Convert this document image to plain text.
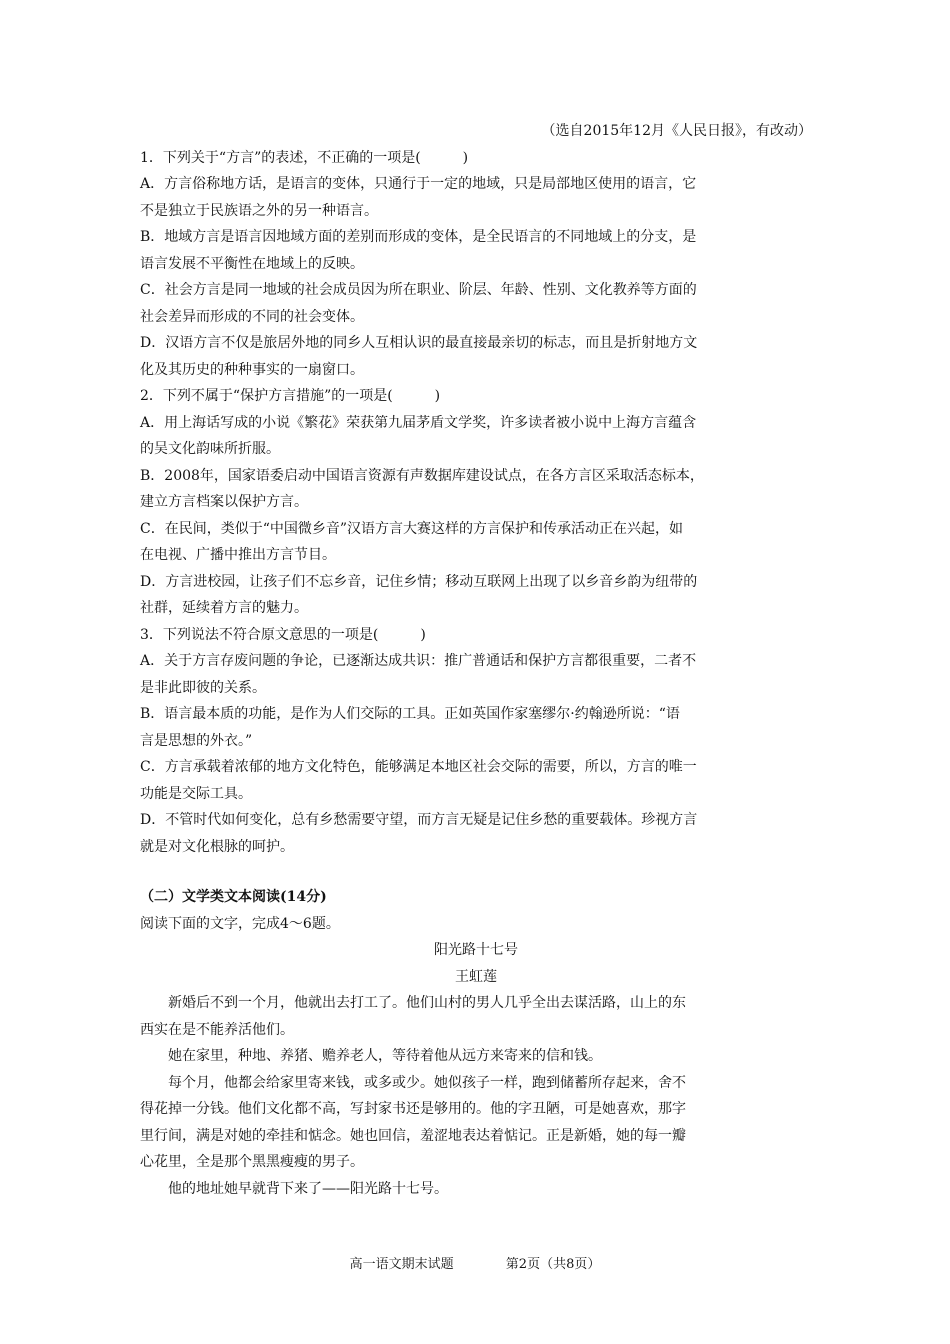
（选自2015年12月《人民日报》，有改动）

1．下列关于“方言”的表述，不正确的一项是(　　　)

A．方言俗称地方话，是语言的变体，只通行于一定的地域，只是局部地区使用的语言，它

不是独立于民族语之外的另一种语言。

B．地域方言是语言因地域方面的差别而形成的变体，是全民语言的不同地域上的分支，是

语言发展不平衡性在地域上的反映。

C．社会方言是同一地域的社会成员因为所在职业、阶层、年龄、性别、文化教养等方面的

社会差异而形成的不同的社会变体。

D．汉语方言不仅是旅居外地的同乡人互相认识的最直接最亲切的标志，而且是折射地方文

化及其历史的种种事实的一扇窗口。

2．下列不属于“保护方言措施”的一项是(　　　)

A．用上海话写成的小说《繁花》荣获第九届茅盾文学奖，许多读者被小说中上海方言蕴含

的吴文化韵味所折服。

B．2008年，国家语委启动中国语言资源有声数据库建设试点，在各方言区采取活态标本，

建立方言档案以保护方言。

C．在民间，类似于“中国微乡音”汉语方言大赛这样的方言保护和传承活动正在兴起，如

在电视、广播中推出方言节目。

D．方言进校园，让孩子们不忘乡音，记住乡情；移动互联网上出现了以乡音乡韵为纽带的

社群，延续着方言的魅力。

3．下列说法不符合原文意思的一项是(　　　)

A．关于方言存废问题的争论，已逐渐达成共识：推广普通话和保护方言都很重要，二者不

是非此即彼的关系。

B．语言最本质的功能，是作为人们交际的工具。正如英国作家塞缪尔·约翰逊所说：“语

言是思想的外衣。”

C．方言承载着浓郁的地方文化特色，能够满足本地区社会交际的需要，所以，方言的唯一

功能是交际工具。

D．不管时代如何变化，总有乡愁需要守望，而方言无疑是记住乡愁的重要载体。珍视方言

就是对文化根脉的呵护。

（二）文学类文本阅读(14分)

阅读下面的文字，完成4～6题。

阳光路十七号

王虹莲

新婚后不到一个月，他就出去打工了。他们山村的男人几乎全出去谋活路，山上的东

西实在是不能养活他们。

她在家里，种地、养猪、赡养老人，等待着他从远方来寄来的信和钱。

每个月，他都会给家里寄来钱，或多或少。她似孩子一样，跑到储蓄所存起来，舍不

得花掉一分钱。他们文化都不高，写封家书还是够用的。他的字丑陋，可是她喜欢，那字

里行间，满是对她的牵挂和惦念。她也回信，羞涩地表达着惦记。正是新婚，她的每一瓣

心花里，全是那个黑黑瘦瘦的男子。

他的地址她早就背下来了——阳光路十七号。

高一语文期末试题	第2页（共8页）
